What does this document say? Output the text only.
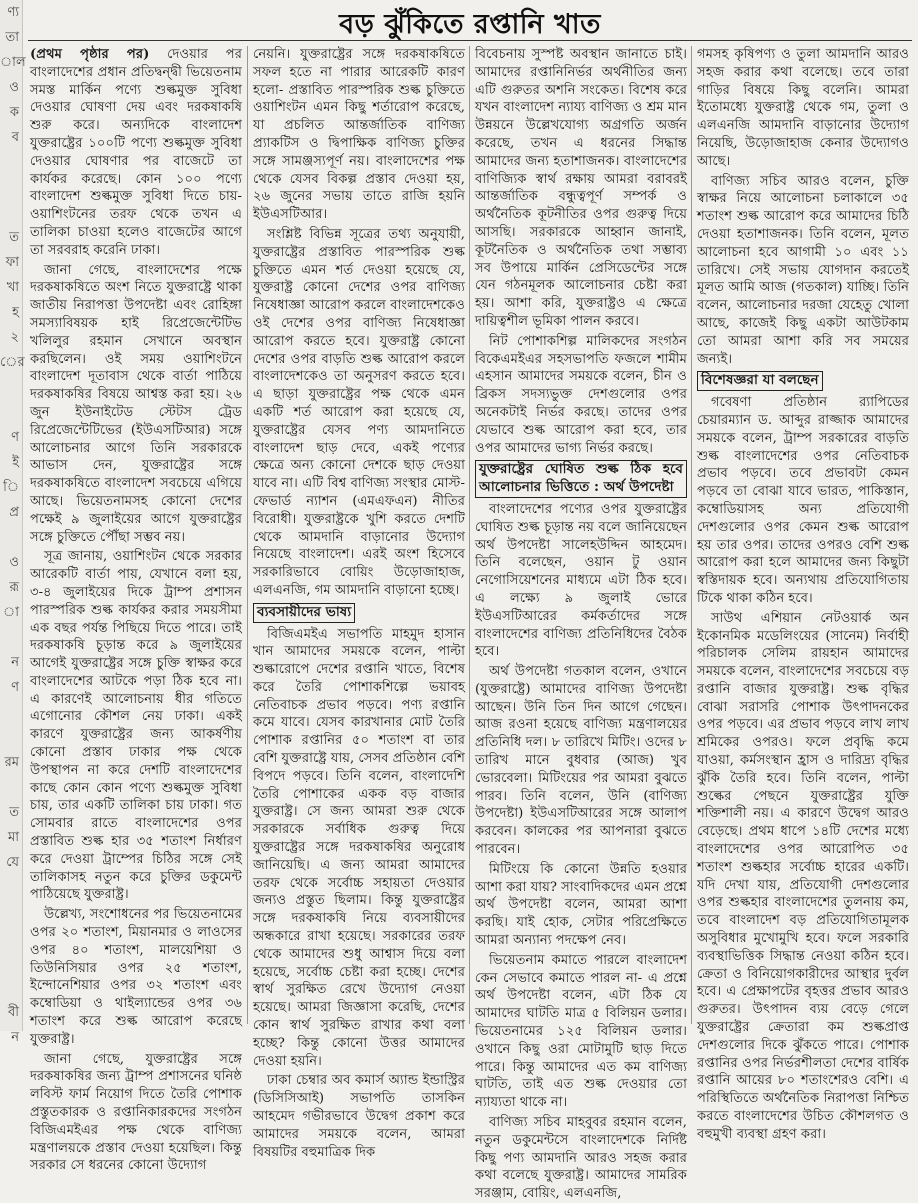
ণ্য
তা
াল
ও
ক
ব

ত
ফা
খা
হ
২
ের

ণ
ই
ি
প্র

ও
রূ
া

ন
ণ

রম

ত
মা
যে

বী
ন

বড় ঝুঁকিতে রপ্তানি খাত

(প্রথম পৃষ্ঠার পর) দেওয়ার পর বাংলাদেশের প্রধান প্রতিদ্বন্দ্বী ভিয়েতনাম সমস্ত মার্কিন পণ্যে শুল্কমুক্ত সুবিধা দেওয়ার ঘোষণা দেয় এবং দরকষাকষি শুরু করে। অন্যদিকে বাংলাদেশ যুক্তরাষ্ট্রের ১০০টি পণ্যে শুল্কমুক্ত সুবিধা দেওয়ার ঘোষণার পর বাজেটে তা কার্যকর করেছে। কোন ১০০ পণ্যে বাংলাদেশ শুল্কমুক্ত সুবিধা দিতে চায়- ওয়াশিংটনের তরফ থেকে তখন এ তালিকা চাওয়া হলেও বাজেটের আগে তা সরবরাহ করেনি ঢাকা।

জানা গেছে, বাংলাদেশের পক্ষে দরকষাকষিতে অংশ নিতে যুক্তরাষ্ট্রে থাকা জাতীয় নিরাপত্তা উপদেষ্টা এবং রোহিঙ্গা সমস্যাবিষয়ক হাই রিপ্রেজেন্টেটিভ খলিলুর রহমান সেখানে অবস্থান করছিলেন। ওই সময় ওয়াশিংটনে বাংলাদেশ দূতাবাস থেকে বার্তা পাঠিয়ে দরকষাকষির বিষয়ে আশ্বস্ত করা হয়। ২৬ জুন ইউনাইটেড স্টেটস ট্রেড রিপ্রেজেন্টেটিভের (ইউএসটিআর) সঙ্গে আলোচনার আগে তিনি সরকারকে আভাস দেন, যুক্তরাষ্ট্রের সঙ্গে দরকষাকষিতে বাংলাদেশ সবচেয়ে এগিয়ে আছে। ভিয়েতনামসহ কোনো দেশের পক্ষেই ৯ জুলাইয়ের আগে যুক্তরাষ্ট্রের সঙ্গে চুক্তিতে পৌঁছা সম্ভব নয়।

সূত্র জানায়, ওয়াশিংটন থেকে সরকার আরেকটি বার্তা পায়, যেখানে বলা হয়, ৩-৪ জুলাইয়ের দিকে ট্রাম্প প্রশাসন পারস্পরিক শুল্ক কার্যকর করার সময়সীমা এক বছর পর্যন্ত পিছিয়ে দিতে পারে। তাই দরকষাকষি চূড়ান্ত করে ৯ জুলাইয়ের আগেই যুক্তরাষ্ট্রের সঙ্গে চুক্তি স্বাক্ষর করে বাংলাদেশের আটকে পড়া ঠিক হবে না। এ কারণেই আলোচনায় ধীর গতিতে এগোনোর কৌশল নেয় ঢাকা। একই কারণে যুক্তরাষ্ট্রের জন্য আকর্ষণীয় কোনো প্রস্তাব ঢাকার পক্ষ থেকে উপস্থাপন না করে দেশটি বাংলাদেশের কাছে কোন কোন পণ্যে শুল্কমুক্ত সুবিধা চায়, তার একটি তালিকা চায় ঢাকা। গত সোমবার রাতে বাংলাদেশের ওপর প্রস্তাবিত শুল্ক হার ৩৫ শতাংশ নির্ধারণ করে দেওয়া ট্রাম্পের চিঠির সঙ্গে সেই তালিকাসহ নতুন করে চুক্তির ডকুমেন্ট পাঠিয়েছে যুক্তরাষ্ট্র।

উল্লেখ্য, সংশোধনের পর ভিয়েতনামের ওপর ২০ শতাংশ, মিয়ানমার ও লাওসের ওপর ৪০ শতাংশ, মালয়েশিয়া ও তিউনিসিয়ার ওপর ২৫ শতাংশ, ইন্দোনেশিয়ার ওপর ৩২ শতাংশ এবং কম্বোডিয়া ও থাইল্যান্ডের ওপর ৩৬ শতাংশ করে শুল্ক আরোপ করেছে যুক্তরাষ্ট্র।

জানা গেছে, যুক্তরাষ্ট্রের সঙ্গে দরকষাকষির জন্য ট্রাম্প প্রশাসনের ঘনিষ্ঠ লবিস্ট ফার্ম নিয়োগ দিতে তৈরি পোশাক প্রস্তুতকারক ও রপ্তানিকারকদের সংগঠন বিজিএমইএর পক্ষ থেকে বাণিজ্য মন্ত্রণালয়কে প্রস্তাব দেওয়া হয়েছিল। কিন্তু সরকার সে ধরনের কোনো উদ্যোগ

নেয়নি। যুক্তরাষ্ট্রের সঙ্গে দরকষাকষিতে সফল হতে না পারার আরেকটি কারণ হলো- প্রস্তাবিত পারস্পরিক শুল্ক চুক্তিতে ওয়াশিংটন এমন কিছু শর্তারোপ করেছে, যা প্রচলিত আন্তর্জাতিক বাণিজ্য প্র্যাকটিস ও দ্বিপাক্ষিক বাণিজ্য চুক্তির সঙ্গে সামঞ্জস্যপূর্ণ নয়। বাংলাদেশের পক্ষ থেকে যেসব বিকল্প প্রস্তাব দেওয়া হয়, ২৬ জুনের সভায় তাতে রাজি হয়নি ইউএসটিআর।

সংশ্লিষ্ট বিভিন্ন সূত্রের তথ্য অনুযায়ী, যুক্তরাষ্ট্রের প্রস্তাবিত পারস্পরিক শুল্ক চুক্তিতে এমন শর্ত দেওয়া হয়েছে যে, যুক্তরাষ্ট্র কোনো দেশের ওপর বাণিজ্য নিষেধাজ্ঞা আরোপ করলে বাংলাদেশকেও ওই দেশের ওপর বাণিজ্য নিষেধাজ্ঞা আরোপ করতে হবে। যুক্তরাষ্ট্র কোনো দেশের ওপর বাড়তি শুল্ক আরোপ করলে বাংলাদেশকেও তা অনুসরণ করতে হবে। এ ছাড়া যুক্তরাষ্ট্রের পক্ষ থেকে এমন একটি শর্ত আরোপ করা হয়েছে যে, যুক্তরাষ্ট্রের যেসব পণ্য আমদানিতে বাংলাদেশ ছাড় দেবে, একই পণ্যের ক্ষেত্রে অন্য কোনো দেশকে ছাড় দেওয়া যাবে না। এটি বিশ্ব বাণিজ্য সংস্থার মোস্ট-ফেভার্ড ন্যাশন (এমএফএন) নীতির বিরোধী। যুক্তরাষ্ট্রকে খুশি করতে দেশটি থেকে আমদানি বাড়ানোর উদ্যোগ নিয়েছে বাংলাদেশ। এরই অংশ হিসেবে সরকারিভাবে বোয়িং উড়োজাহাজ, এলএনজি, গম আমদানি বাড়ানো হচ্ছে।

ব্যবসায়ীদের ভাষ্য

বিজিএমইএ সভাপতি মাহমুদ হাসান খান আমাদের সময়কে বলেন, পাল্টা শুল্কারোপে দেশের রপ্তানি খাতে, বিশেষ করে তৈরি পোশাকশিল্পে ভয়াবহ নেতিবাচক প্রভাব পড়বে। পণ্য রপ্তানি কমে যাবে। যেসব কারখানার মোট তৈরি পোশাক রপ্তানির ৫০ শতাংশ বা তার বেশি যুক্তরাষ্ট্রে যায়, সেসব প্রতিষ্ঠান বেশি বিপদে পড়বে। তিনি বলেন, বাংলাদেশি তৈরি পোশাকের একক বড় বাজার যুক্তরাষ্ট্র। সে জন্য আমরা শুরু থেকে সরকারকে সর্বাধিক গুরুত্ব দিয়ে যুক্তরাষ্ট্রের সঙ্গে দরকষাকষির অনুরোধ জানিয়েছি। এ জন্য আমরা আমাদের তরফ থেকে সর্বোচ্চ সহায়তা দেওয়ার জন্যও প্রস্তুত ছিলাম। কিন্তু যুক্তরাষ্ট্রের সঙ্গে দরকষাকষি নিয়ে ব্যবসায়ীদের অন্ধকারে রাখা হয়েছে। সরকারের তরফ থেকে আমাদের শুধু আশ্বাস দিয়ে বলা হয়েছে, সর্বোচ্চ চেষ্টা করা হচ্ছে। দেশের স্বার্থ সুরক্ষিত রেখে উদ্যোগ নেওয়া হয়েছে। আমরা জিজ্ঞাসা করেছি, দেশের কোন স্বার্থ সুরক্ষিত রাখার কথা বলা হচ্ছে? কিন্তু কোনো উত্তর আমাদের দেওয়া হয়নি।

ঢাকা চেম্বার অব কমার্স অ্যান্ড ইন্ডাস্ট্রির (ডিসিসিআই) সভাপতি তাসকিন আহমেদ গভীরভাবে উদ্বেগ প্রকাশ করে আমাদের সময়কে বলেন, আমরা বিষয়টির বহুমাত্রিক দিক

বিবেচনায় সুস্পষ্ট অবস্থান জানাতে চাই। আমাদের রপ্তানিনির্ভর অর্থনীতির জন্য এটি গুরুতর অশনি সংকেত। বিশেষ করে যখন বাংলাদেশ ন্যায্য বাণিজ্য ও শ্রম মান উন্নয়নে উল্লেখযোগ্য অগ্রগতি অর্জন করেছে, তখন এ ধরনের সিদ্ধান্ত আমাদের জন্য হতাশাজনক। বাংলাদেশের বাণিজ্যিক স্বার্থ রক্ষায় আমরা বরাবরই আন্তর্জাতিক বন্ধুত্বপূর্ণ সম্পর্ক ও অর্থনৈতিক কূটনীতির ওপর গুরুত্ব দিয়ে আসছি। সরকারকে আহ্বান জানাই, কূটনৈতিক ও অর্থনৈতিক তথা সম্ভাব্য সব উপায়ে মার্কিন প্রেসিডেন্টের সঙ্গে যেন গঠনমূলক আলোচনার চেষ্টা করা হয়। আশা করি, যুক্তরাষ্ট্রও এ ক্ষেত্রে দায়িত্বশীল ভূমিকা পালন করবে।

নিট পোশাকশিল্প মালিকদের সংগঠন বিকেএমইএর সহসভাপতি ফজলে শামীম এহসান আমাদের সময়কে বলেন, চীন ও ব্রিকস সদস্যভুক্ত দেশগুলোর ওপর অনেকটাই নির্ভর করছে। তাদের ওপর যেভাবে শুল্ক আরোপ করা হবে, তার ওপর আমাদের ভাগ্য নির্ভর করছে।

যুক্তরাষ্ট্রের ঘোষিত শুল্ক ঠিক হবে আলোচনার ভিত্তিতে : অর্থ উপদেষ্টা

বাংলাদেশের পণ্যের ওপর যুক্তরাষ্ট্রের ঘোষিত শুল্ক চূড়ান্ত নয় বলে জানিয়েছেন অর্থ উপদেষ্টা সালেহউদ্দিন আহমেদ। তিনি বলেছেন, ওয়ান টু ওয়ান নেগোসিয়েশনের মাধ্যমে এটা ঠিক হবে। এ লক্ষ্যে ৯ জুলাই ভোরে ইউএসটিআরের কর্মকর্তাদের সঙ্গে বাংলাদেশের বাণিজ্য প্রতিনিধিদের বৈঠক হবে।

অর্থ উপদেষ্টা গতকাল বলেন, ওখানে (যুক্তরাষ্ট্রে) আমাদের বাণিজ্য উপদেষ্টা আছেন। উনি তিন দিন আগে গেছেন। আজ রওনা হয়েছে বাণিজ্য মন্ত্রণালয়ের প্রতিনিধি দল। ৮ তারিখে মিটিং। ওদের ৮ তারিখ মানে বুধবার (আজ) খুব ভোরবেলা। মিটিংয়ের পর আমরা বুঝতে পারব। তিনি বলেন, উনি (বাণিজ্য উপদেষ্টা) ইউএসটিআরের সঙ্গে আলাপ করবেন। কালকের পর আপনারা বুঝতে পারবেন।

মিটিংয়ে কি কোনো উন্নতি হওয়ার আশা করা যায়? সাংবাদিকদের এমন প্রশ্নে অর্থ উপদেষ্টা বলেন, আমরা আশা করছি। যাই হোক, সেটার পরিপ্রেক্ষিতে আমরা অন্যান্য পদক্ষেপ নেব।

ভিয়েতনাম কমাতে পারলে বাংলাদেশ কেন সেভাবে কমাতে পারল না- এ প্রশ্নে অর্থ উপদেষ্টা বলেন, এটা ঠিক যে আমাদের ঘাটতি মাত্র ৫ বিলিয়ন ডলার। ভিয়েতনামের ১২৫ বিলিয়ন ডলার। ওখানে কিছু ওরা মোটামুটি ছাড় দিতে পারে। কিন্তু আমাদের এত কম বাণিজ্য ঘাটতি, তাই এত শুল্ক দেওয়ার তো ন্যায্যতা থাকে না।

বাণিজ্য সচিব মাহবুবর রহমান বলেন, নতুন ডকুমেন্টসে বাংলাদেশকে নির্দিষ্ট কিছু পণ্য আমদানি আরও সহজ করার কথা বলেছে যুক্তরাষ্ট্র। আমাদের সামরিক সরঞ্জাম, বোয়িং, এলএনজি,

গমসহ কৃষিপণ্য ও তুলা আমদানি আরও সহজ করার কথা বলেছে। তবে তারা গাড়ির বিষয়ে কিছু বলেনি। আমরা ইতোমধ্যে যুক্তরাষ্ট্র থেকে গম, তুলা ও এলএনজি আমদানি বাড়ানোর উদ্যোগ নিয়েছি, উড়োজাহাজ কেনার উদ্যোগও আছে।

বাণিজ্য সচিব আরও বলেন, চুক্তি স্বাক্ষর নিয়ে আলোচনা চলাকালে ৩৫ শতাংশ শুল্ক আরোপ করে আমাদের চিঠি দেওয়া হতাশাজনক। তিনি বলেন, মূলত আলোচনা হবে আগামী ১০ এবং ১১ তারিখে। সেই সভায় যোগদান করতেই মূলত আমি আজ (গতকাল) যাচ্ছি। তিনি বলেন, আলোচনার দরজা যেহেতু খোলা আছে, কাজেই কিছু একটা আউটকাম তো আমরা আশা করি সব সময়ের জন্যই।

বিশেষজ্ঞরা যা বলছেন

গবেষণা প্রতিষ্ঠান র‍্যাপিডের চেয়ারম্যান ড. আব্দুর রাজ্জাক আমাদের সময়কে বলেন, ট্রাম্প সরকারের বাড়তি শুল্ক বাংলাদেশের ওপর নেতিবাচক প্রভাব পড়বে। তবে প্রভাবটা কেমন পড়বে তা বোঝা যাবে ভারত, পাকিস্তান, কম্বোডিয়াসহ অন্য প্রতিযোগী দেশগুলোর ওপর কেমন শুল্ক আরোপ হয় তার ওপর। তাদের ওপরও বেশি শুল্ক আরোপ করা হলে আমাদের জন্য কিছুটা স্বস্তিদায়ক হবে। অন্যথায় প্রতিযোগিতায় টিকে থাকা কঠিন হবে।

সাউথ এশিয়ান নেটওয়ার্ক অন ইকোনমিক মডেলিংয়ের (সানেম) নির্বাহী পরিচালক সেলিম রায়হান আমাদের সময়কে বলেন, বাংলাদেশের সবচেয়ে বড় রপ্তানি বাজার যুক্তরাষ্ট্র। শুল্ক বৃদ্ধির বোঝা সরাসরি পোশাক উৎপাদনকের ওপর পড়বে। এর প্রভাব পড়বে লাখ লাখ শ্রমিকের ওপরও। ফলে প্রবৃদ্ধি কমে যাওয়া, কর্মসংস্থান হ্রাস ও দারিদ্র্য বৃদ্ধির ঝুঁকি তৈরি হবে। তিনি বলেন, পাল্টা শুল্কের পেছনে যুক্তরাষ্ট্রের যুক্তি শক্তিশালী নয়। এ কারণে উদ্বেগ আরও বেড়েছে। প্রথম ধাপে ১৪টি দেশের মধ্যে বাংলাদেশের ওপর আরোপিত ৩৫ শতাংশ শুল্কহার সর্বোচ্চ হারের একটি। যদি দেখা যায়, প্রতিযোগী দেশগুলোর ওপর শুল্কহার বাংলাদেশের তুলনায় কম, তবে বাংলাদেশ বড় প্রতিযোগিতামূলক অসুবিধার মুখোমুখি হবে। ফলে সরকারি ব্যবস্থাভিত্তিক সিদ্ধান্ত নেওয়া কঠিন হবে। ক্রেতা ও বিনিয়োগকারীদের আস্থার দুর্বল হবে। এ প্রেক্ষাপটের বৃহত্তর প্রভাব আরও গুরুতর। উৎপাদন ব্যয় বেড়ে গেলে যুক্তরাষ্ট্রের ক্রেতারা কম শুল্কপ্রাপ্ত দেশগুলোর দিকে ঝুঁকতে পারে। পোশাক রপ্তানির ওপর নির্ভরশীলতা দেশের বার্ষিক রপ্তানি আয়ের ৮০ শতাংশেরও বেশি। এ পরিস্থিতিতে অর্থনৈতিক নিরাপত্তা নিশ্চিত করতে বাংলাদেশের উচিত কৌশলগত ও বহুমুখী ব্যবস্থা গ্রহণ করা।
